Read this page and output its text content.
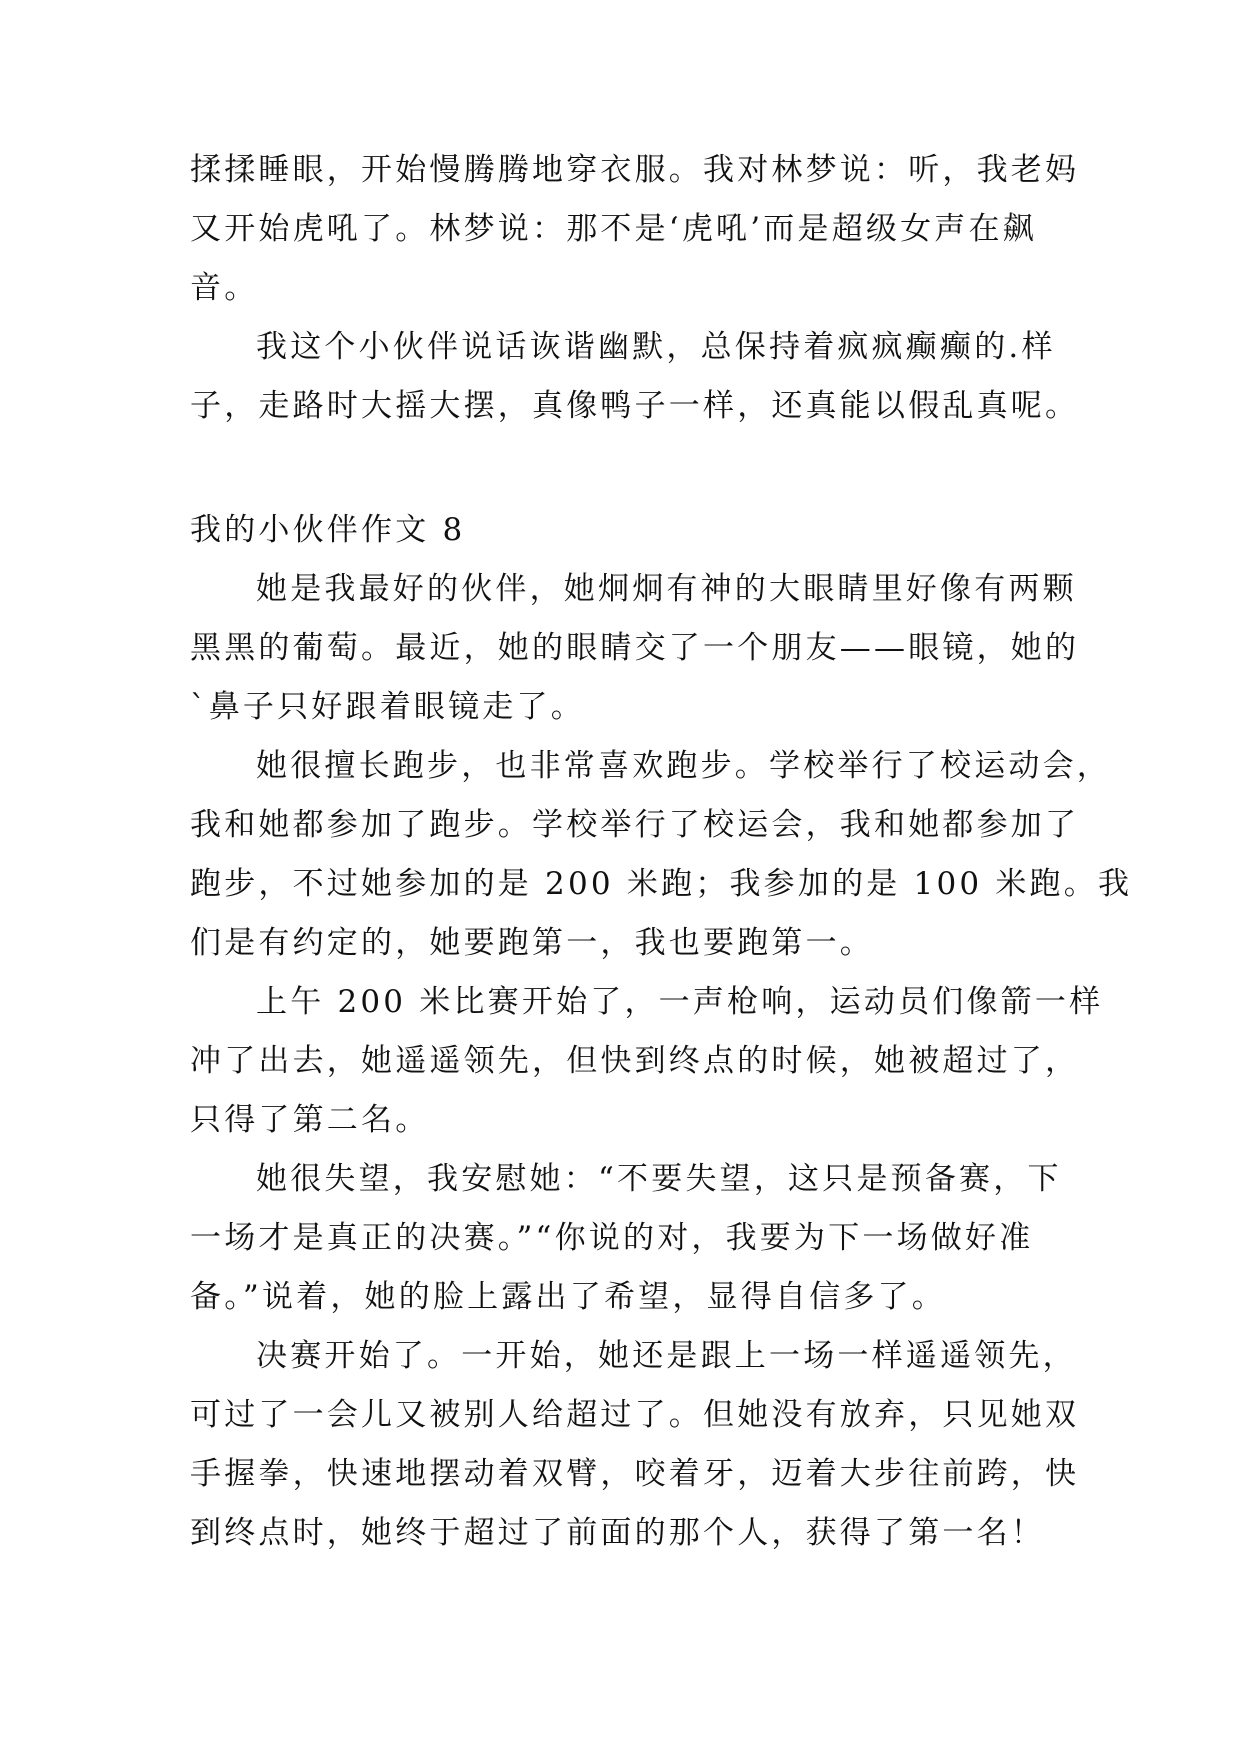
揉揉睡眼，开始慢腾腾地穿衣服。我对林梦说：听，我老妈
又开始虎吼了。林梦说：那不是‘虎吼’而是超级女声在飙
音。
我这个小伙伴说话诙谐幽默，总保持着疯疯癫癫的.样
子，走路时大摇大摆，真像鸭子一样，还真能以假乱真呢。
我的小伙伴作文 8
她是我最好的伙伴，她炯炯有神的大眼睛里好像有两颗
黑黑的葡萄。最近，她的眼睛交了一个朋友——眼镜，她的
`鼻子只好跟着眼镜走了。
她很擅长跑步，也非常喜欢跑步。学校举行了校运动会，
我和她都参加了跑步。学校举行了校运会，我和她都参加了
跑步，不过她参加的是 200 米跑；我参加的是 100 米跑。我
们是有约定的，她要跑第一，我也要跑第一。
上午 200 米比赛开始了，一声枪响，运动员们像箭一样
冲了出去，她遥遥领先，但快到终点的时候，她被超过了，
只得了第二名。
她很失望，我安慰她：“不要失望，这只是预备赛，下
一场才是真正的决赛。”“你说的对，我要为下一场做好准
备。”说着，她的脸上露出了希望，显得自信多了。
决赛开始了。一开始，她还是跟上一场一样遥遥领先，
可过了一会儿又被别人给超过了。但她没有放弃，只见她双
手握拳，快速地摆动着双臂，咬着牙，迈着大步往前跨，快
到终点时，她终于超过了前面的那个人，获得了第一名！
